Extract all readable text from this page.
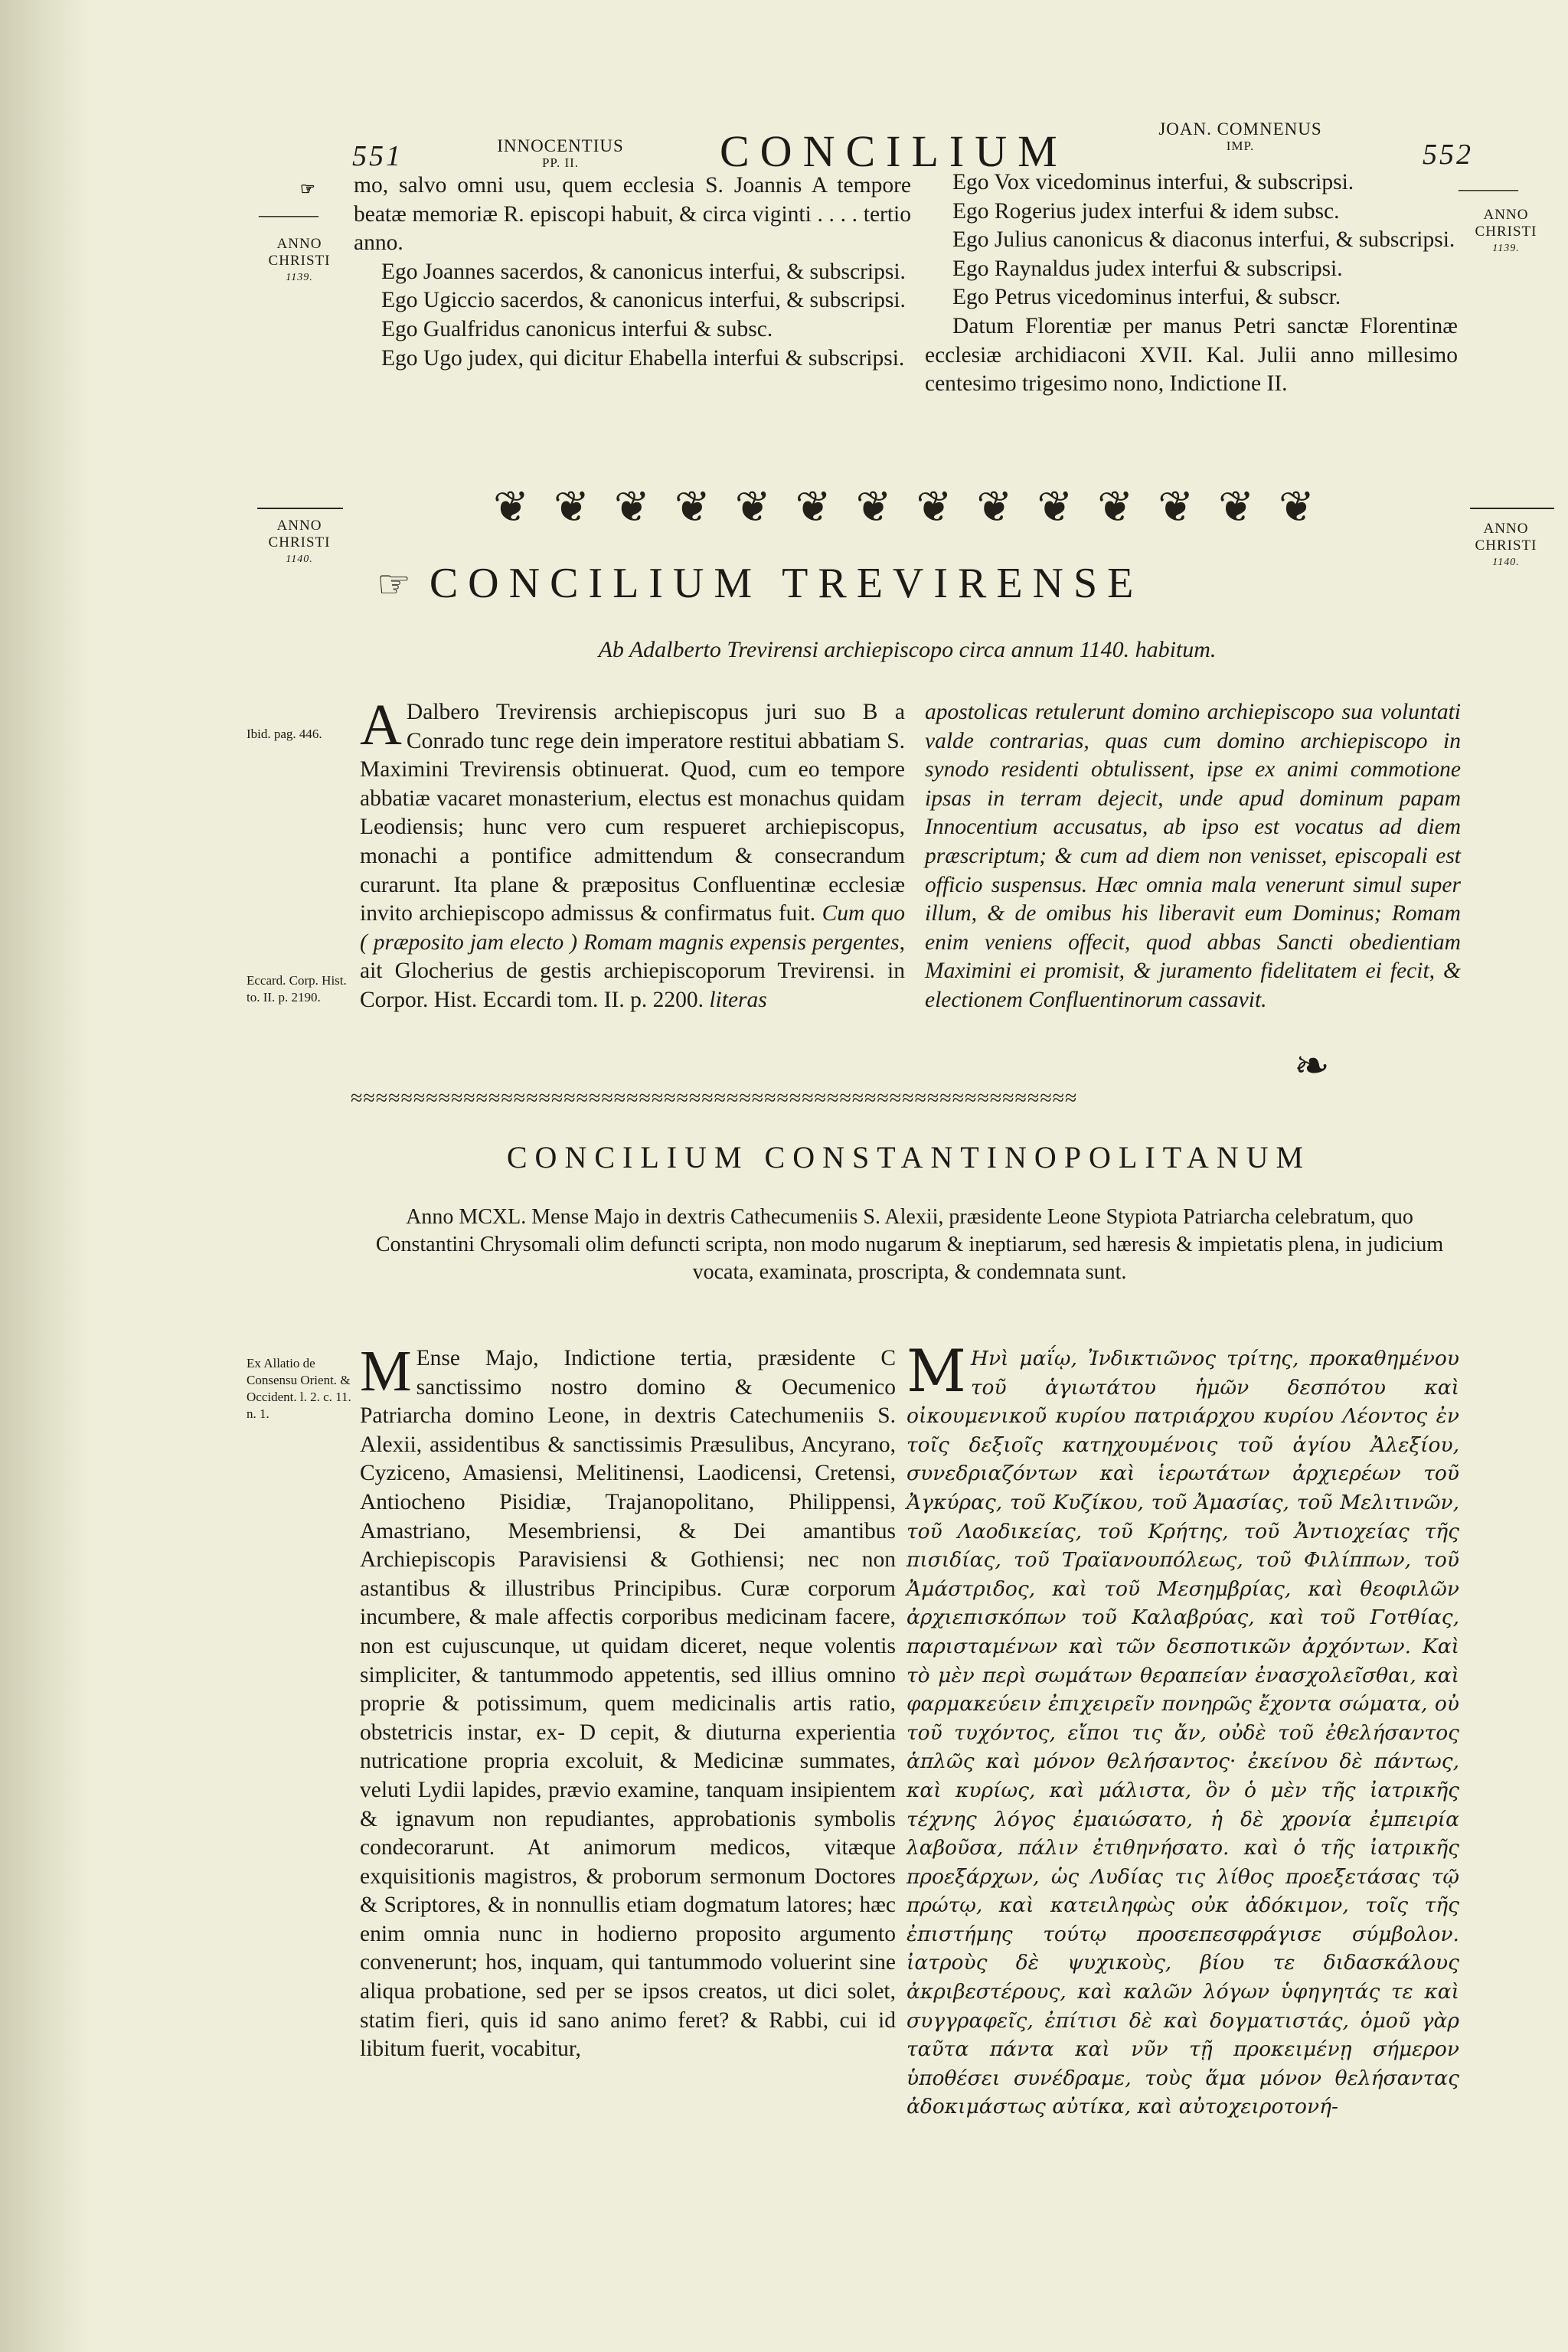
551	INNOCENTIUS
PP. II.	CONCILIUM	JOAN. COMNENUS
IMP.	552
☞
———
ANNO
CHRISTI
1139.
———
ANNO
CHRISTI
1139.

mo, salvo omni usu, quem ecclesia S. Joannis A tempore beatæ memoriæ R. episcopi habuit, & circa viginti . . . . tertio anno.

Ego Joannes sacerdos, & canonicus interfui, & subscripsi.

Ego Ugiccio sacerdos, & canonicus interfui, & subscripsi.

Ego Gualfridus canonicus interfui & subsc.

Ego Ugo judex, qui dicitur Ehabella interfui & subscripsi.

Ego Vox vicedominus interfui, & subscripsi.

Ego Rogerius judex interfui & idem subsc.

Ego Julius canonicus & diaconus interfui, & subscripsi.

Ego Raynaldus judex interfui & subscripsi.

Ego Petrus vicedominus interfui, & subscr.

Datum Florentiæ per manus Petri sanctæ Florentinæ ecclesiæ archidiaconi XVII. Kal. Julii anno millesimo centesimo trigesimo nono, Indictione II.

❦ ❦ ❦ ❦ ❦ ❦ ❦ ❦ ❦ ❦ ❦ ❦ ❦ ❦
ANNO
CHRISTI
1140.
ANNO
CHRISTI
1140.
☞ CONCILIUM TREVIRENSE
Ab Adalberto Trevirensi archiepiscopo circa annum 1140. habitum.
Ibid. pag. 446.
Eccard. Corp. Hist. to. II. p. 2190.
A Dalbero Trevirensis archiepiscopus juri suo B a Conrado tunc rege dein imperatore restitui abbatiam S. Maximini Trevirensis obtinuerat. Quod, cum eo tempore abbatiæ vacaret monasterium, electus est monachus quidam Leodiensis; hunc vero cum respueret archiepiscopus, monachi a pontifice admittendum & consecrandum curarunt. Ita plane & præpositus Confluentinæ ecclesiæ invito archiepiscopo admissus & confirmatus fuit. Cum quo ( præposito jam electo ) Romam magnis expensis pergentes, ait Glocherius de gestis archiepiscoporum Trevirensi. in Corpor. Hist. Eccardi tom. II. p. 2200. literas
apostolicas retulerunt domino archiepiscopo sua voluntati valde contrarias, quas cum domino archiepiscopo in synodo residenti obtulissent, ipse ex animi commotione ipsas in terram dejecit, unde apud dominum papam Innocentium accusatus, ab ipso est vocatus ad diem præscriptum; & cum ad diem non venisset, episcopali est officio suspensus. Hæc omnia mala venerunt simul super illum, & de omibus his liberavit eum Dominus; Romam enim veniens offecit, quod abbas Sancti obedientiam Maximini ei promisit, & juramento fidelitatem ei fecit, & electionem Confluentinorum cassavit.
❧
≈≈≈≈≈≈≈≈≈≈≈≈≈≈≈≈≈≈≈≈≈≈≈≈≈≈≈≈≈≈≈≈≈≈≈≈≈≈≈≈≈≈≈≈≈≈≈≈≈≈≈≈≈≈≈≈≈≈
CONCILIUM CONSTANTINOPOLITANUM
Anno MCXL. Mense Majo in dextris Cathecumeniis S. Alexii, præsidente Leone Stypiota Patriarcha celebratum, quo Constantini Chrysomali olim defuncti scripta, non modo nugarum & ineptiarum, sed hæresis & impietatis plena, in judicium vocata, examinata, proscripta, & condemnata sunt.
Ex Allatio de Consensu Orient. & Occident. l. 2. c. 11. n. 1.
M Ense Majo, Indictione tertia, præsidente C sanctissimo nostro domino & Oecumenico Patriarcha domino Leone, in dextris Catechumeniis S. Alexii, assidentibus & sanctissimis Præsulibus, Ancyrano, Cyziceno, Amasiensi, Melitinensi, Laodicensi, Cretensi, Antiocheno Pisidiæ, Trajanopolitano, Philippensi, Amastriano, Mesembriensi, & Dei amantibus Archiepiscopis Paravisiensi & Gothiensi; nec non astantibus & illustribus Principibus. Curæ corporum incumbere, & male affectis corporibus medicinam facere, non est cujuscunque, ut quidam diceret, neque volentis simpliciter, & tantummodo appetentis, sed illius omnino proprie & potissimum, quem medicinalis artis ratio, obstetricis instar, ex- D cepit, & diuturna experientia nutricatione propria excoluit, & Medicinæ summates, veluti Lydii lapides, prævio examine, tanquam insipientem & ignavum non repudiantes, approbationis symbolis condecorarunt. At animorum medicos, vitæque exquisitionis magistros, & proborum sermonum Doctores & Scriptores, & in nonnullis etiam dogmatum latores; hæc enim omnia nunc in hodierno proposito argumento convenerunt; hos, inquam, qui tantummodo voluerint sine aliqua probatione, sed per se ipsos creatos, ut dici solet, statim fieri, quis id sano animo feret? & Rabbi, cui id libitum fuerit, vocabitur,
M Ηνὶ μαΐῳ, Ἰνδικτιῶνος τρίτης, προκαθημένου τοῦ ἁγιωτάτου ἡμῶν δεσπότου καὶ οἰκουμενικοῦ κυρίου πατριάρχου κυρίου Λέοντος ἐν τοῖς δεξιοῖς κατηχουμένοις τοῦ ἁγίου Ἀλεξίου, συνεδριαζόντων καὶ ἱερωτάτων ἀρχιερέων τοῦ Ἀγκύρας, τοῦ Κυζίκου, τοῦ Ἀμασίας, τοῦ Μελιτινῶν, τοῦ Λαοδικείας, τοῦ Κρήτης, τοῦ Ἀντιοχείας τῆς πισιδίας, τοῦ Τραϊανουπόλεως, τοῦ Φιλίππων, τοῦ Ἀμάστριδος, καὶ τοῦ Μεσημβρίας, καὶ θεοφιλῶν ἀρχιεπισκόπων τοῦ Καλαβρύας, καὶ τοῦ Γοτθίας, παρισταμένων καὶ τῶν δεσποτικῶν ἀρχόντων. Καὶ τὸ μὲν περὶ σωμάτων θεραπείαν ἐνασχολεῖσθαι, καὶ φαρμακεύειν ἐπιχειρεῖν πονηρῶς ἔχοντα σώματα, οὐ τοῦ τυχόντος, εἴποι τις ἄν, οὐδὲ τοῦ ἐθελήσαντος ἁπλῶς καὶ μόνον θελήσαντος· ἐκείνου δὲ πάντως, καὶ κυρίως, καὶ μάλιστα, ὃν ὁ μὲν τῆς ἰατρικῆς τέχνης λόγος ἐμαιώσατο, ἡ δὲ χρονία ἐμπειρία λαβοῦσα, πάλιν ἐτιθηνήσατο. καὶ ὁ τῆς ἰατρικῆς προεξάρχων, ὡς Λυδίας τις λίθος προεξετάσας τῷ πρώτῳ, καὶ κατειληφὼς οὐκ ἀδόκιμον, τοῖς τῆς ἐπιστήμης τούτῳ προσεπεσφράγισε σύμβολον. ἰατροὺς δὲ ψυχικοὺς, βίου τε διδασκάλους ἀκριβεστέρους, καὶ καλῶν λόγων ὑφηγητάς τε καὶ συγγραφεῖς, ἐπίτισι δὲ καὶ δογματιστάς, ὁμοῦ γὰρ ταῦτα πάντα καὶ νῦν τῇ προκειμένῃ σήμερον ὑποθέσει συνέδραμε, τοὺς ἅμα μόνον θελήσαντας ἀδοκιμάστως αὐτίκα, καὶ αὐτοχειροτονή-
